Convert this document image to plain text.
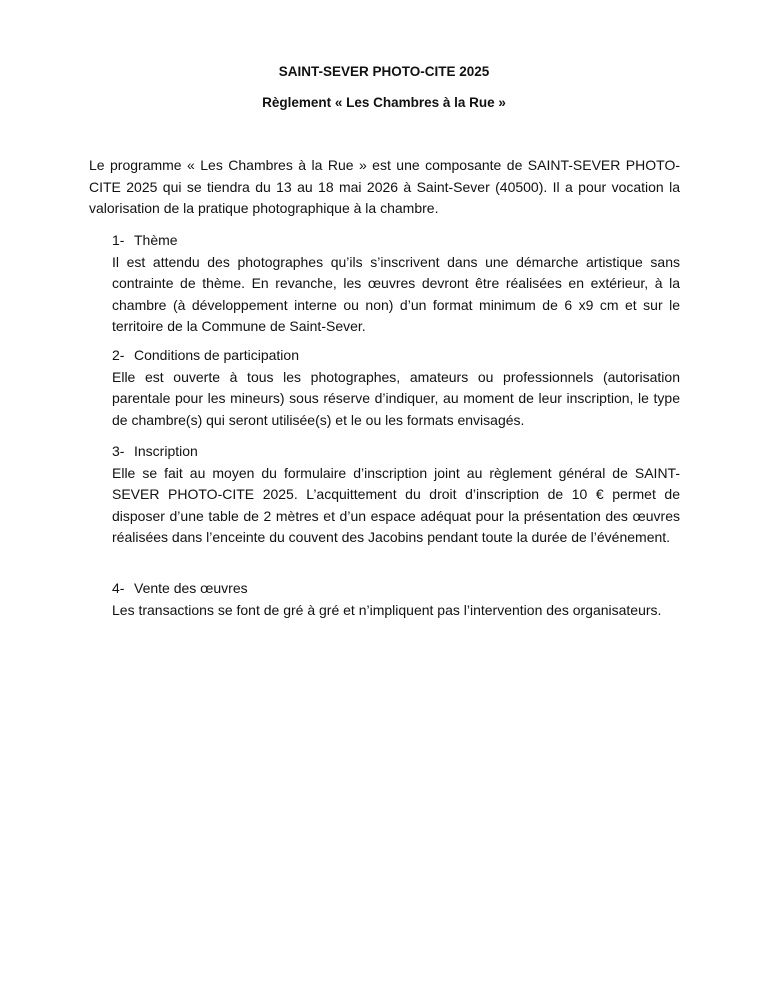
SAINT-SEVER PHOTO-CITE 2025
Règlement « Les Chambres à la Rue »

Le programme « Les Chambres à la Rue » est une composante de SAINT-SEVER PHOTO-CITE 2025 qui se tiendra du 13 au 18 mai 2026 à Saint-Sever (40500). Il a pour vocation la valorisation de la pratique photographique à la chambre.

1- Thème

Il est attendu des photographes qu’ils s’inscrivent dans une démarche artistique sans contrainte de thème. En revanche, les œuvres devront être réalisées en extérieur, à la chambre (à développement interne ou non) d’un format minimum de 6 x9 cm et sur le territoire de la Commune de Saint-Sever.

2- Conditions de participation

Elle est ouverte à tous les photographes, amateurs ou professionnels (autorisation parentale pour les mineurs) sous réserve d’indiquer, au moment de leur inscription, le type de chambre(s) qui seront utilisée(s) et le ou les formats envisagés.

3- Inscription

Elle se fait au moyen du formulaire d’inscription joint au règlement général de SAINT-SEVER PHOTO-CITE 2025. L’acquittement du droit d’inscription de 10 € permet de disposer d’une table de 2 mètres et d’un espace adéquat pour la présentation des œuvres réalisées dans l’enceinte du couvent des Jacobins pendant toute la durée de l’événement.

4- Vente des œuvres

Les transactions se font de gré à gré et n’impliquent pas l’intervention des organisateurs.
